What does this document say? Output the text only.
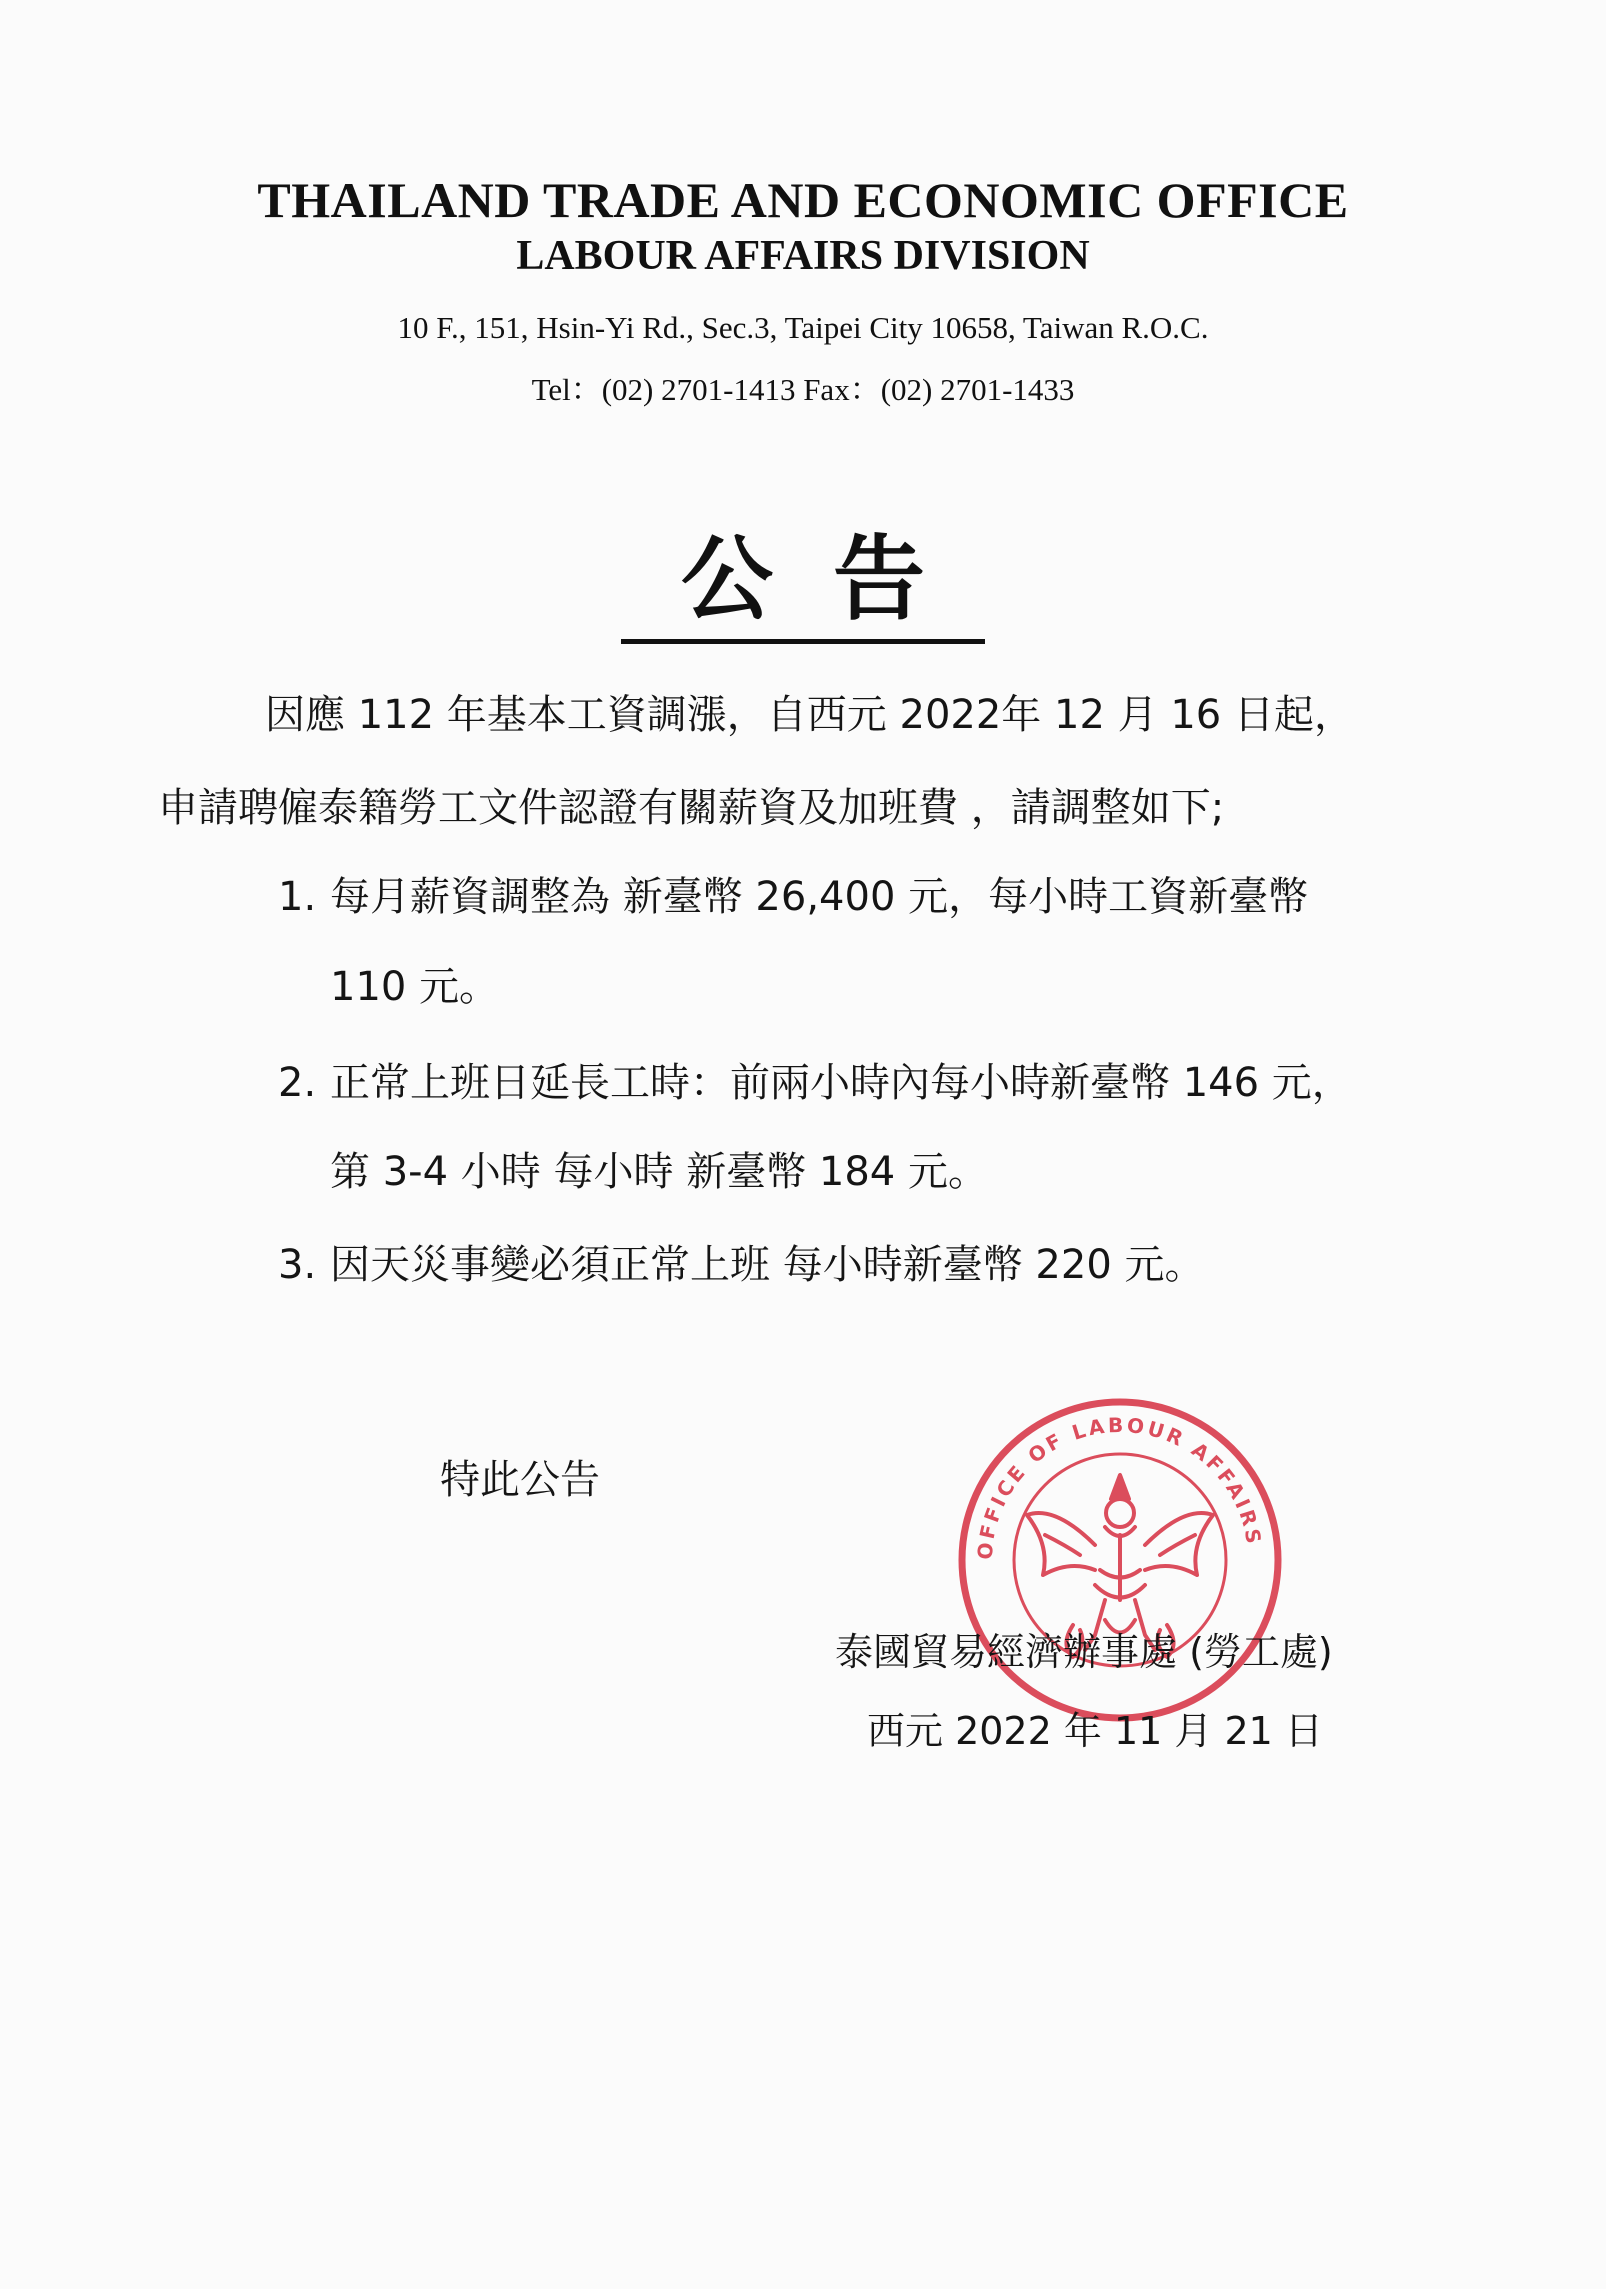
THAILAND TRADE AND ECONOMIC OFFICE
LABOUR AFFAIRS DIVISION
10 F., 151, Hsin-Yi Rd., Sec.3, Taipei City 10658, Taiwan R.O.C.
Tel：(02) 2701-1413 Fax：(02) 2701-1433
公告
因應 112 年基本工資調漲，自西元 2022年 12 月 16 日起，
申請聘僱泰籍勞工文件認證有關薪資及加班費 ，請調整如下;
1. 每月薪資調整為 新臺幣 26,400 元，每小時工資新臺幣
110 元。
2. 正常上班日延長工時：前兩小時內每小時新臺幣 146 元，
第 3-4 小時 每小時 新臺幣 184 元。
3. 因天災事變必須正常上班 每小時新臺幣 220 元。
特此公告
OFFICE OF LABOUR AFFAIRS
泰國貿易經濟辦事處 (勞工處)
西元 2022 年 11 月 21 日
